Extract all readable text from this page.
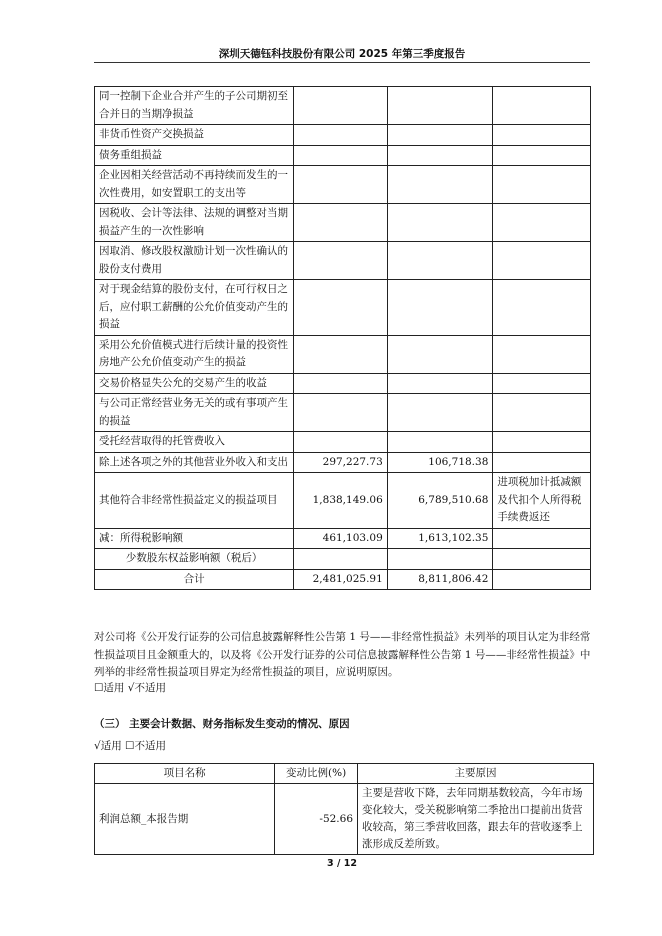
深圳天德钰科技股份有限公司 2025 年第三季度报告
同一控制下企业合并产生的子公司期初至合并日的当期净损益			
非货币性资产交换损益			
债务重组损益			
企业因相关经营活动不再持续而发生的一次性费用，如安置职工的支出等			
因税收、会计等法律、法规的调整对当期损益产生的一次性影响			
因取消、修改股权激励计划一次性确认的股份支付费用			
对于现金结算的股份支付，在可行权日之后，应付职工薪酬的公允价值变动产生的损益			
采用公允价值模式进行后续计量的投资性房地产公允价值变动产生的损益			
交易价格显失公允的交易产生的收益			
与公司正常经营业务无关的或有事项产生的损益			
受托经营取得的托管费收入			
除上述各项之外的其他营业外收入和支出	297,227.73	106,718.38	
其他符合非经常性损益定义的损益项目	1,838,149.06	6,789,510.68	进项税加计抵减额及代扣个人所得税手续费返还
减：所得税影响额	461,103.09	1,613,102.35	
少数股东权益影响额（税后）			
合计	2,481,025.91	8,811,806.42	
对公司将《公开发行证券的公司信息披露解释性公告第 1 号——非经常性损益》未列举的项目认定为非经常性损益项目且金额重大的，以及将《公开发行证券的公司信息披露解释性公告第 1 号——非经常性损益》中列举的非经常性损益项目界定为经常性损益的项目，应说明原因。
☐适用 √不适用
（三） 主要会计数据、财务指标发生变动的情况、原因
√适用 ☐不适用
项目名称	变动比例(%)	主要原因
利润总额_本报告期	-52.66	主要是营收下降，去年同期基数较高，今年市场变化较大，受关税影响第二季抢出口提前出货营收较高，第三季营收回落，跟去年的营收逐季上涨形成反差所致。
3 / 12
